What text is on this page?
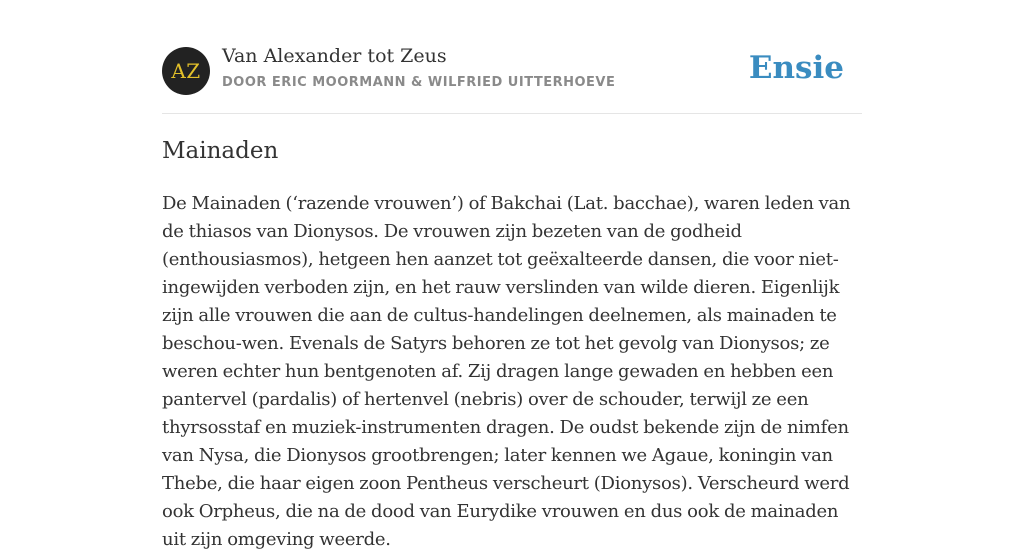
AZ
Van Alexander tot Zeus
DOOR ERIC MOORMANN & WILFRIED UITTERHOEVE	Ensie
Mainaden

De Mainaden (‘razende vrouwen’) of Bakchai (Lat. bacchae), waren leden van de thiasos van Dionysos. De vrouwen zijn bezeten van de godheid (enthousiasmos), hetgeen hen aanzet tot geëxalteerde dansen, die voor niet-ingewijden verboden zijn, en het rauw verslinden van wilde dieren. Eigenlijk zijn alle vrouwen die aan de cultus-handelingen deelnemen, als mainaden te beschou-wen. Evenals de Satyrs behoren ze tot het gevolg van Dionysos; ze weren echter hun bentgenoten af. Zij dragen lange gewaden en hebben een pantervel (pardalis) of hertenvel (nebris) over de schouder, terwijl ze een thyrsosstaf en muziek-instrumenten dragen. De oudst bekende zijn de nimfen van Nysa, die Dionysos grootbrengen; later kennen we Agaue, koningin van Thebe, die haar eigen zoon Pentheus verscheurt (Dionysos). Verscheurd werd ook Orpheus, die na de dood van Eurydike vrouwen en dus ook de mainaden uit zijn omgeving weerde.
